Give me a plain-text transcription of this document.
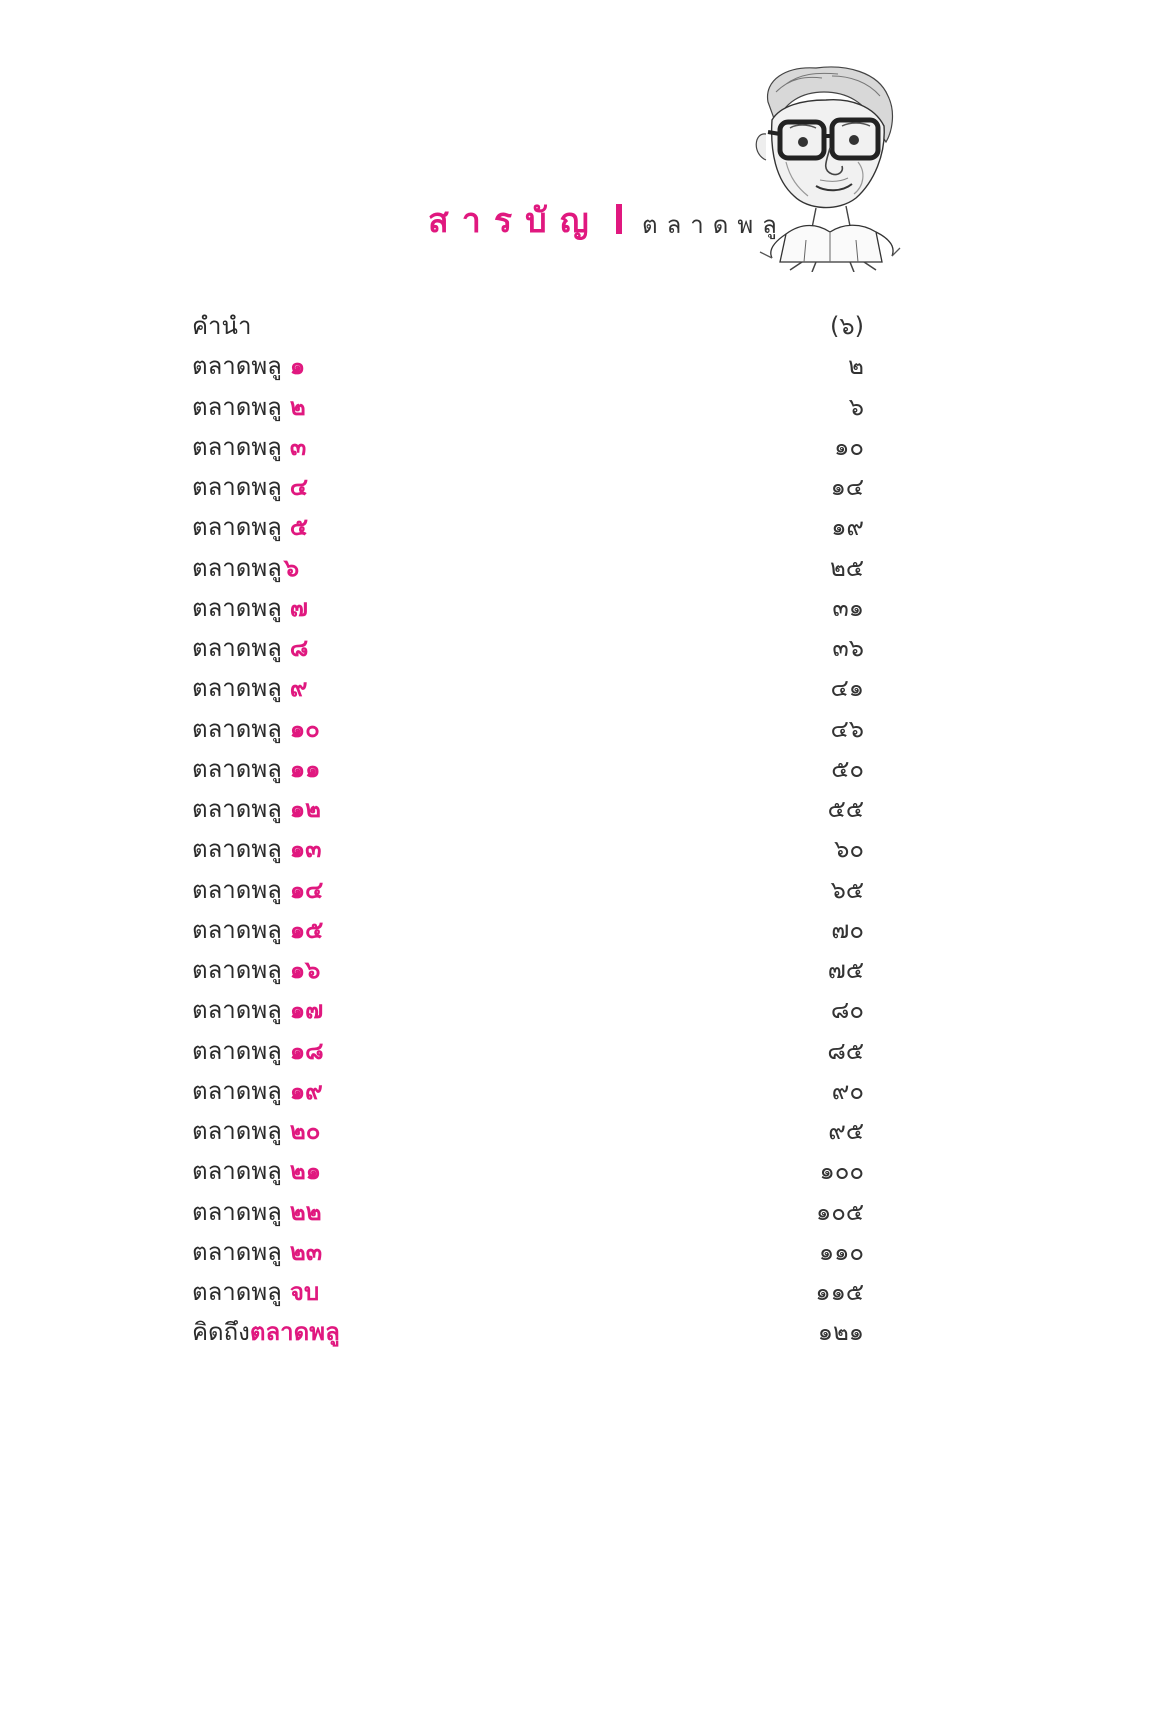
สารบัญ ตลาดพลู
คำนำ	(๖)
ตลาดพลู ๑	๒
ตลาดพลู ๒	๖
ตลาดพลู ๓	๑๐
ตลาดพลู ๔	๑๔
ตลาดพลู ๕	๑๙
ตลาดพลู๖	๒๕
ตลาดพลู ๗	๓๑
ตลาดพลู ๘	๓๖
ตลาดพลู ๙	๔๑
ตลาดพลู ๑๐	๔๖
ตลาดพลู ๑๑	๕๐
ตลาดพลู ๑๒	๕๕
ตลาดพลู ๑๓	๖๐
ตลาดพลู ๑๔	๖๕
ตลาดพลู ๑๕	๗๐
ตลาดพลู ๑๖	๗๕
ตลาดพลู ๑๗	๘๐
ตลาดพลู ๑๘	๘๕
ตลาดพลู ๑๙	๙๐
ตลาดพลู ๒๐	๙๕
ตลาดพลู ๒๑	๑๐๐
ตลาดพลู ๒๒	๑๐๕
ตลาดพลู ๒๓	๑๑๐
ตลาดพลู จบ	๑๑๕
คิดถึงตลาดพลู	๑๒๑
